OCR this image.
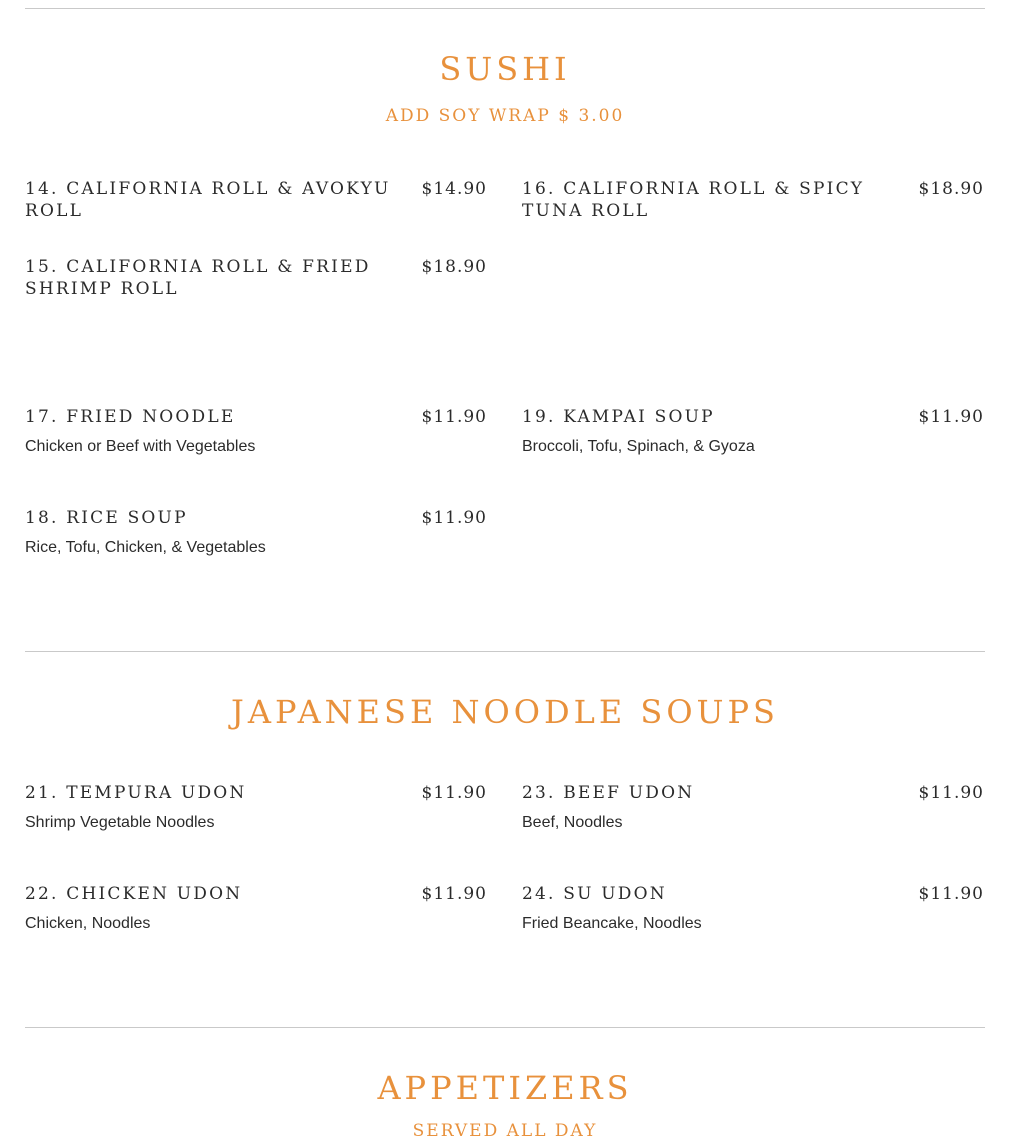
SUSHI
ADD SOY WRAP $ 3.00
14. CALIFORNIA ROLL & AVOKYU ROLL
$14.90
15. CALIFORNIA ROLL & FRIED SHRIMP ROLL
$18.90
16. CALIFORNIA ROLL & SPICY TUNA ROLL
$18.90
17. FRIED NOODLE	$11.90
Chicken or Beef with Vegetables
18. RICE SOUP	$11.90
Rice, Tofu, Chicken, & Vegetables
19. KAMPAI SOUP	$11.90
Broccoli, Tofu, Spinach, & Gyoza
JAPANESE NOODLE SOUPS
21. TEMPURA UDON	$11.90
Shrimp Vegetable Noodles
22. CHICKEN UDON	$11.90
Chicken, Noodles
23. BEEF UDON	$11.90
Beef, Noodles
24. SU UDON	$11.90
Fried Beancake, Noodles
APPETIZERS
SERVED ALL DAY
